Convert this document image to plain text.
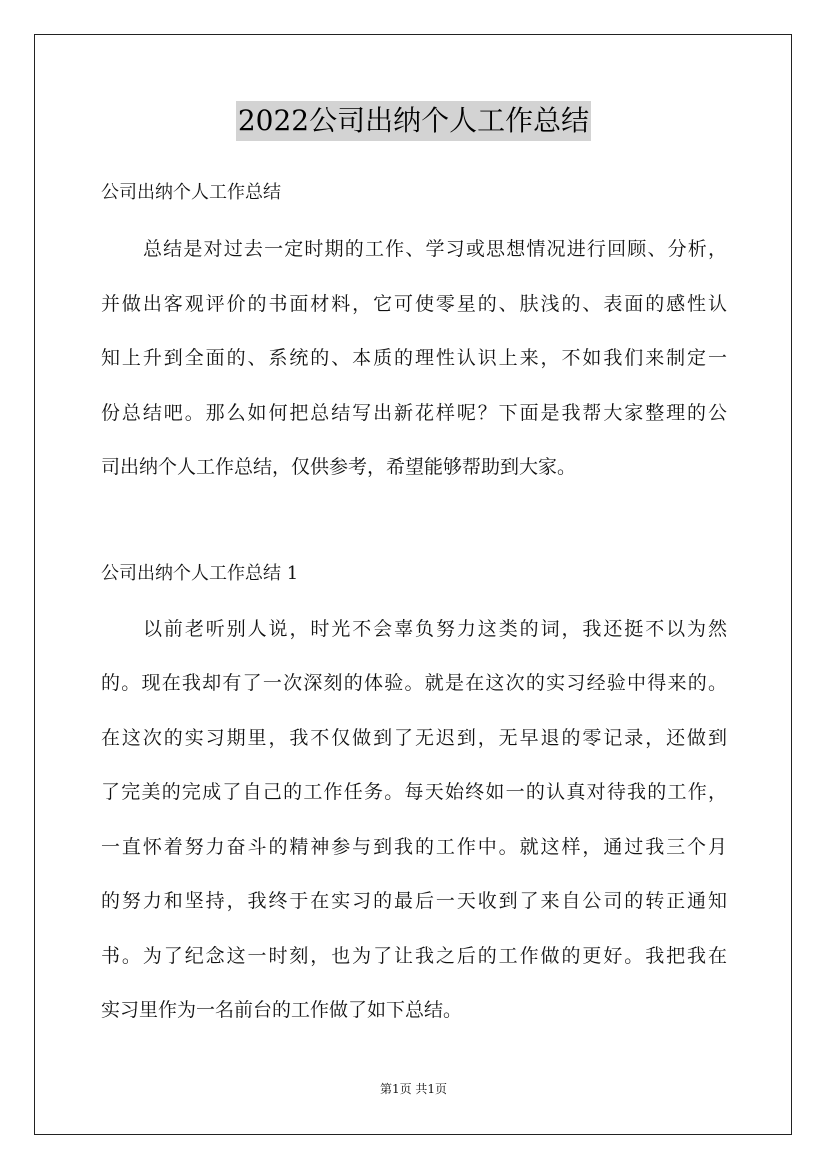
2022公司出纳个人工作总结
公司出纳个人工作总结
总结是对过去一定时期的工作、学习或思想情况进行回顾、分析，
并做出客观评价的书面材料，它可使零星的、肤浅的、表面的感性认
知上升到全面的、系统的、本质的理性认识上来，不如我们来制定一
份总结吧。那么如何把总结写出新花样呢？下面是我帮大家整理的公
司出纳个人工作总结，仅供参考，希望能够帮助到大家。
公司出纳个人工作总结 1
以前老听别人说，时光不会辜负努力这类的词，我还挺不以为然
的。现在我却有了一次深刻的体验。就是在这次的实习经验中得来的。
在这次的实习期里，我不仅做到了无迟到，无早退的零记录，还做到
了完美的完成了自己的工作任务。每天始终如一的认真对待我的工作，
一直怀着努力奋斗的精神参与到我的工作中。就这样，通过我三个月
的努力和坚持，我终于在实习的最后一天收到了来自公司的转正通知
书。为了纪念这一时刻，也为了让我之后的工作做的更好。我把我在
实习里作为一名前台的工作做了如下总结。
第1页 共1页
